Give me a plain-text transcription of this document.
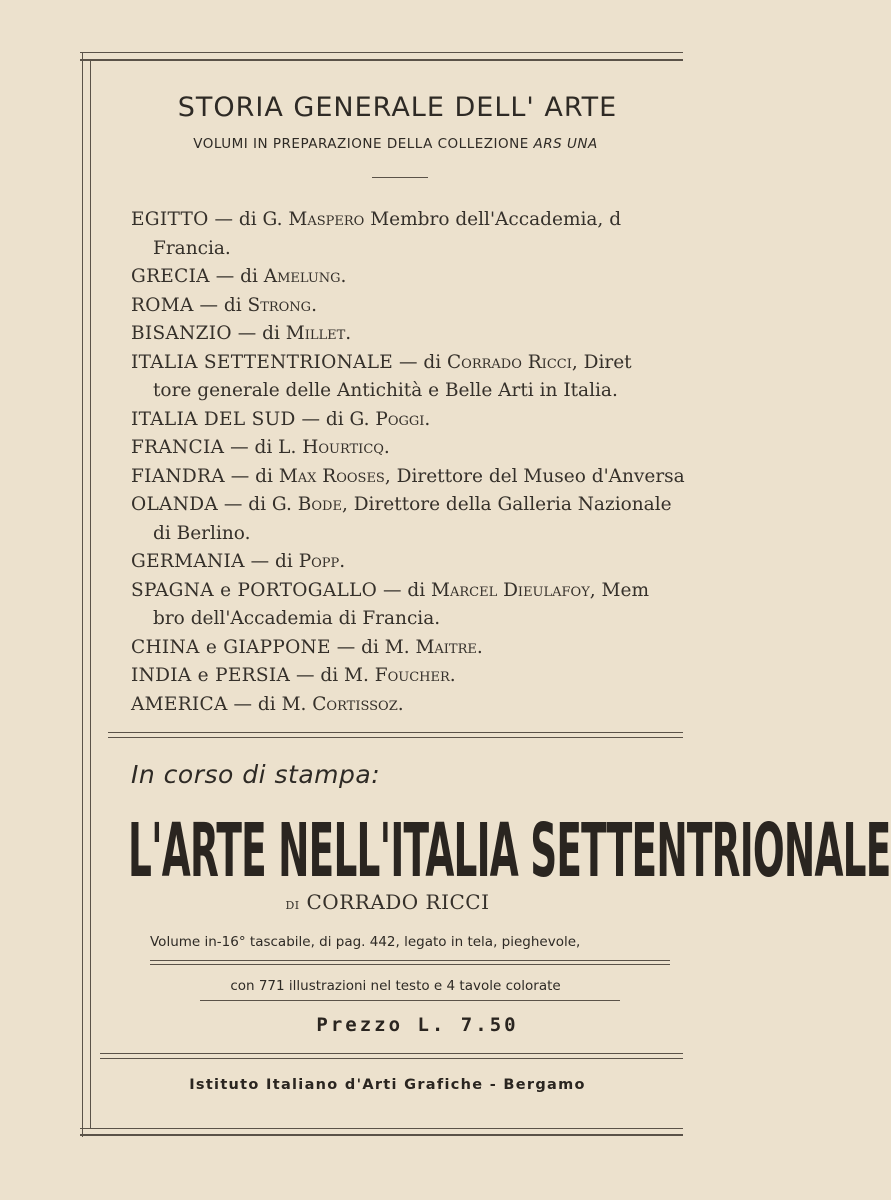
STORIA GENERALE DELL' ARTE
VOLUMI IN PREPARAZIONE DELLA COLLEZIONE ARS UNA
EGITTO — di G. Maspero Membro dell'Accademia, d
Francia.
GRECIA — di Amelung.
ROMA — di Strong.
BISANZIO — di Millet.
ITALIA SETTENTRIONALE — di Corrado Ricci, Diret
tore generale delle Antichità e Belle Arti in Italia.
ITALIA DEL SUD — di G. Poggi.
FRANCIA — di L. Hourticq.
FIANDRA — di Max Rooses, Direttore del Museo d'Anversa
OLANDA — di G. Bode, Direttore della Galleria Nazionale
di Berlino.
GERMANIA — di Popp.
SPAGNA e PORTOGALLO — di Marcel Dieulafoy, Mem
bro dell'Accademia di Francia.
CHINA e GIAPPONE — di M. Maitre.
INDIA e PERSIA — di M. Foucher.
AMERICA — di M. Cortissoz.
In corso di stampa:
L'ARTE NELL'ITALIA SETTENTRIONALE
di CORRADO RICCI
Volume in-16° tascabile, di pag. 442, legato in tela, pieghevole,
con 771 illustrazioni nel testo e 4 tavole colorate
Prezzo L. 7.50
Istituto Italiano d'Arti Grafiche - Bergamo
